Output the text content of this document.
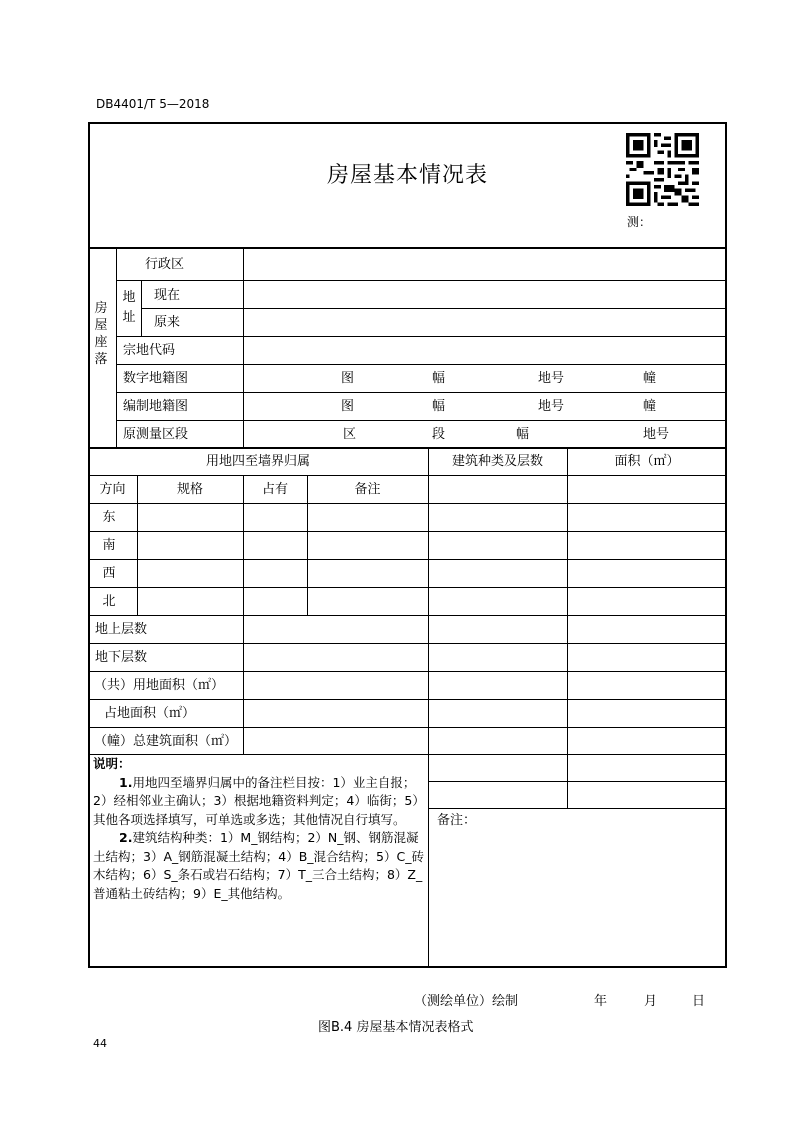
DB4401/T 5—2018
房屋基本情况表
测：
房屋座落
行政区
地址
现在
原来
宗地代码
数字地籍图	图	幅	地号	幢
编制地籍图	图	幅	地号	幢
原测量区段	区	段	幅	地号
用地四至墙界归属	建筑种类及层数	面积（㎡）
方向	规格	占有	备注
东
南
西
北
地上层数
地下层数
（共）用地面积（㎡）
占地面积（㎡）
（幢）总建筑面积（㎡）

说明：

1.用地四至墙界归属中的备注栏目按：1）业主自报；2）经相邻业主确认；3）根据地籍资料判定；4）临街；5）其他各项选择填写，可单选或多选；其他情况自行填写。

2.建筑结构种类：1）M_钢结构；2）N_钢、钢筋混凝土结构；3）A_钢筋混凝土结构；4）B_混合结构；5）C_砖木结构；6）S_条石或岩石结构；7）T_三合土结构；8）Z_普通粘土砖结构；9）E_其他结构。

备注：
（测绘单位）绘制	年	月	日
图B.4 房屋基本情况表格式
44
